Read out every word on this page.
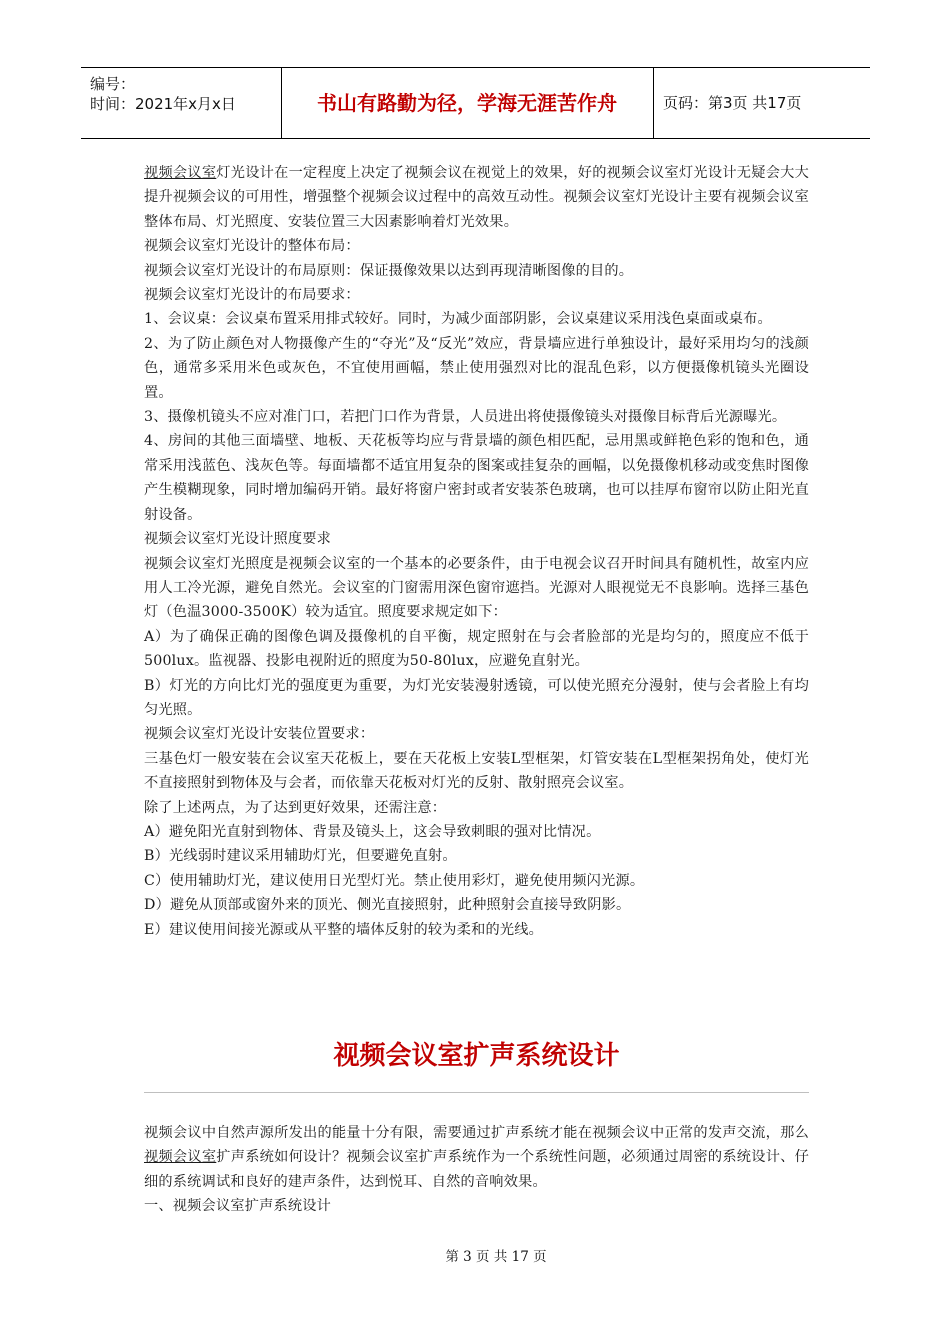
编号：
时间：2021年x月x日	书山有路勤为径，学海无涯苦作舟	页码：第3页 共17页

视频会议室灯光设计在一定程度上决定了视频会议在视觉上的效果，好的视频会议室灯光设计无疑会大大提升视频会议的可用性，增强整个视频会议过程中的高效互动性。视频会议室灯光设计主要有视频会议室整体布局、灯光照度、安装位置三大因素影响着灯光效果。

视频会议室灯光设计的整体布局：

视频会议室灯光设计的布局原则：保证摄像效果以达到再现清晰图像的目的。

视频会议室灯光设计的布局要求：

1、会议桌：会议桌布置采用排式较好。同时，为减少面部阴影，会议桌建议采用浅色桌面或桌布。

2、为了防止颜色对人物摄像产生的“夺光”及“反光”效应，背景墙应进行单独设计，最好采用均匀的浅颜色，通常多采用米色或灰色，不宜使用画幅，禁止使用强烈对比的混乱色彩，以方便摄像机镜头光圈设置。

3、摄像机镜头不应对准门口，若把门口作为背景，人员进出将使摄像镜头对摄像目标背后光源曝光。

4、房间的其他三面墙壁、地板、天花板等均应与背景墙的颜色相匹配，忌用黑或鲜艳色彩的饱和色，通常采用浅蓝色、浅灰色等。每面墙都不适宜用复杂的图案或挂复杂的画幅，以免摄像机移动或变焦时图像产生模糊现象，同时增加编码开销。最好将窗户密封或者安装茶色玻璃，也可以挂厚布窗帘以防止阳光直射设备。

视频会议室灯光设计照度要求

视频会议室灯光照度是视频会议室的一个基本的必要条件，由于电视会议召开时间具有随机性，故室内应用人工冷光源，避免自然光。会议室的门窗需用深色窗帘遮挡。光源对人眼视觉无不良影响。选择三基色灯（色温3000-3500K）较为适宜。照度要求规定如下：

A）为了确保正确的图像色调及摄像机的自平衡，规定照射在与会者脸部的光是均匀的，照度应不低于500lux。监视器、投影电视附近的照度为50-80lux，应避免直射光。

B）灯光的方向比灯光的强度更为重要，为灯光安装漫射透镜，可以使光照充分漫射，使与会者脸上有均匀光照。

视频会议室灯光设计安装位置要求：

三基色灯一般安装在会议室天花板上，要在天花板上安装L型框架，灯管安装在L型框架拐角处，使灯光不直接照射到物体及与会者，而依靠天花板对灯光的反射、散射照亮会议室。

除了上述两点，为了达到更好效果，还需注意：

A）避免阳光直射到物体、背景及镜头上，这会导致刺眼的强对比情况。

B）光线弱时建议采用辅助灯光，但要避免直射。

C）使用辅助灯光，建议使用日光型灯光。禁止使用彩灯，避免使用频闪光源。

D）避免从顶部或窗外来的顶光、侧光直接照射，此种照射会直接导致阴影。

E）建议使用间接光源或从平整的墙体反射的较为柔和的光线。

视频会议室扩声系统设计

视频会议中自然声源所发出的能量十分有限，需要通过扩声系统才能在视频会议中正常的发声交流，那么视频会议室扩声系统如何设计？视频会议室扩声系统作为一个系统性问题，必须通过周密的系统设计、仔细的系统调试和良好的建声条件，达到悦耳、自然的音响效果。

一、视频会议室扩声系统设计

第 3 页 共 17 页
